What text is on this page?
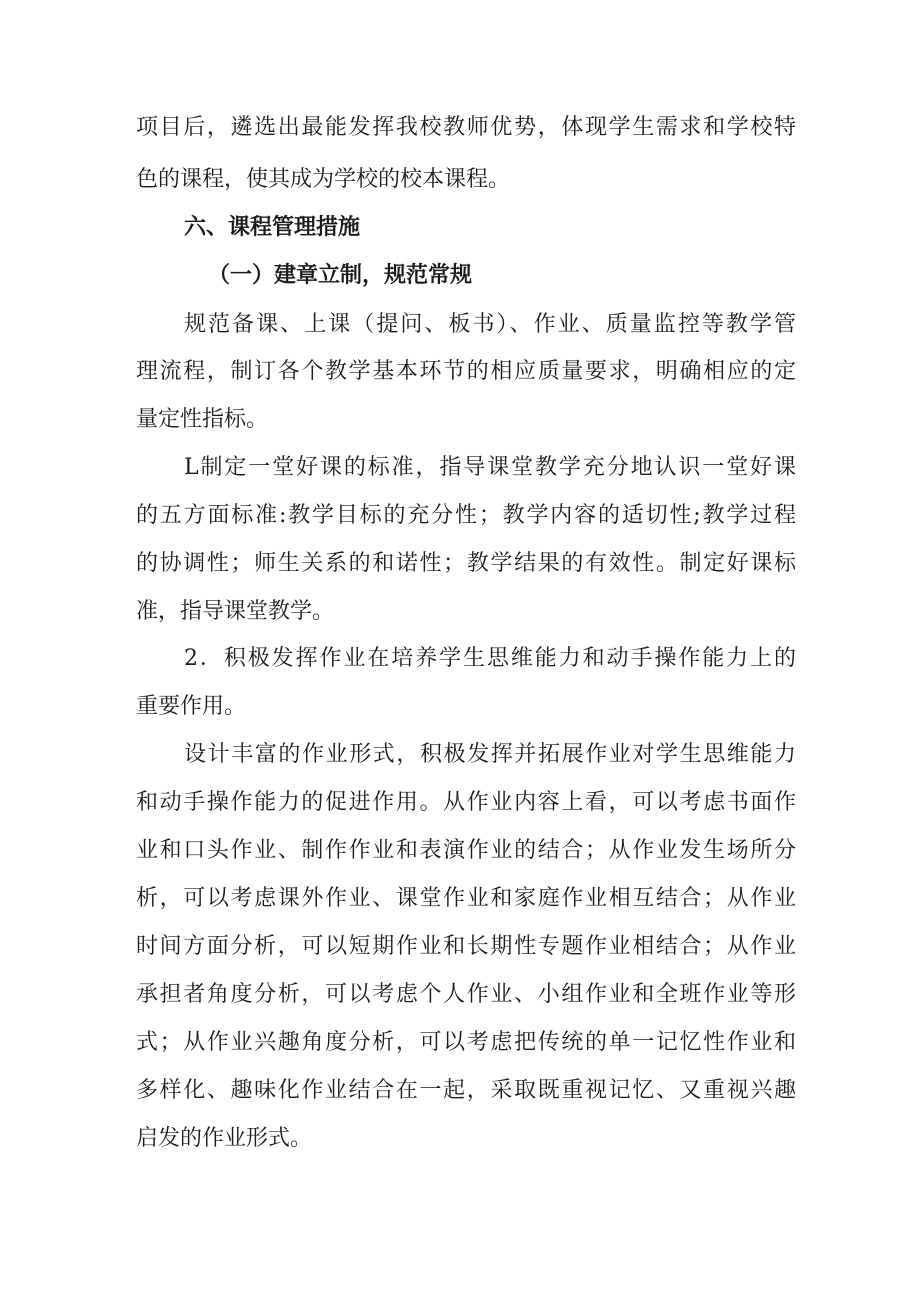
项目后，遴选出最能发挥我校教师优势，体现学生需求和学校特
色的课程，使其成为学校的校本课程。
六、课程管理措施
（一）建章立制，规范常规
规范备课、上课（提问、板书）、作业、质量监控等教学管
理流程，制订各个教学基本环节的相应质量要求，明确相应的定
量定性指标。
L制定一堂好课的标准，指导课堂教学充分地认识一堂好课
的五方面标准:教学目标的充分性；教学内容的适切性;教学过程
的协调性；师生关系的和诺性；教学结果的有效性。制定好课标
准，指导课堂教学。
2．积极发挥作业在培养学生思维能力和动手操作能力上的
重要作用。
设计丰富的作业形式，积极发挥并拓展作业对学生思维能力
和动手操作能力的促进作用。从作业内容上看，可以考虑书面作
业和口头作业、制作作业和表演作业的结合；从作业发生场所分
析，可以考虑课外作业、课堂作业和家庭作业相互结合；从作业
时间方面分析，可以短期作业和长期性专题作业相结合；从作业
承担者角度分析，可以考虑个人作业、小组作业和全班作业等形
式；从作业兴趣角度分析，可以考虑把传统的单一记忆性作业和
多样化、趣味化作业结合在一起，采取既重视记忆、又重视兴趣
启发的作业形式。
